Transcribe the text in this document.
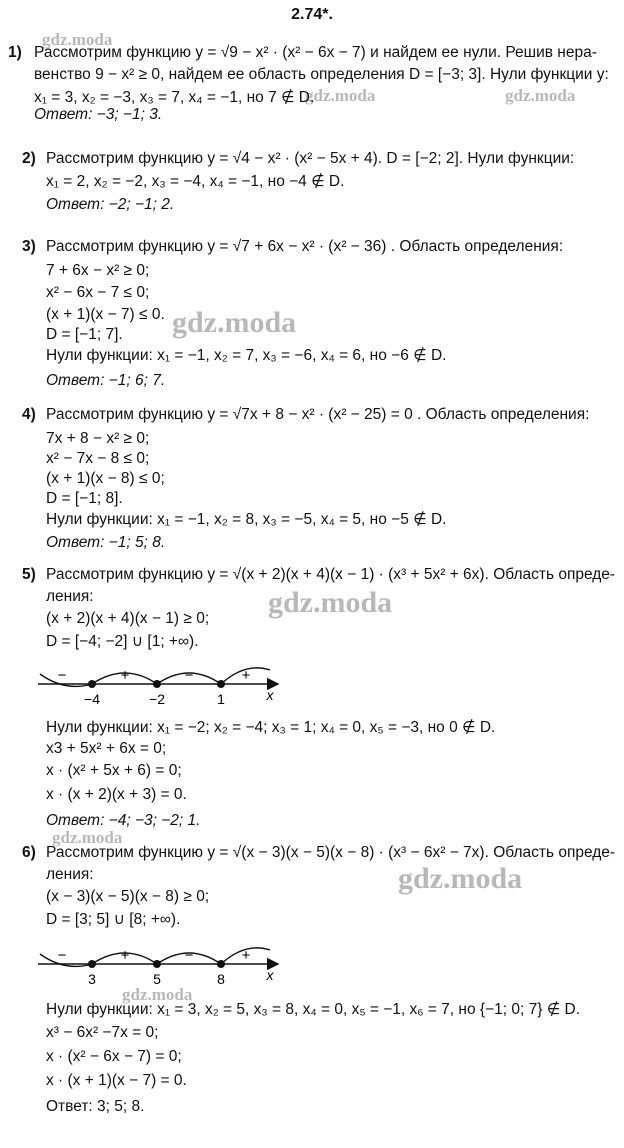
2.74*.
gdz.moda
gdz.moda	gdz.moda
gdz.moda
gdz.moda
gdz.moda
gdz.moda
gdz.moda
1) Рассмотрим функцию y = √9 − x² · (x² − 6x − 7) и найдем ее нули. Решив нера-
венство 9 − x² ≥ 0, найдем ее область определения D = [−3; 3]. Нули функции y:
x₁ = 3, x₂ = −3, x₃ = 7, x₄ = −1, но 7 ∉ D.
Ответ: −3; −1; 3.
2) Рассмотрим функцию y = √4 − x² · (x² − 5x + 4). D = [−2; 2]. Нули функции:
x₁ = 2, x₂ = −2, x₃ = −4, x₄ = −1, но −4 ∉ D.
Ответ: −2; −1; 2.
3) Рассмотрим функцию y = √7 + 6x − x² · (x² − 36) . Область определения:
7 + 6x − x² ≥ 0;
x² − 6x − 7 ≤ 0;
(x + 1)(x − 7) ≤ 0.
D = [−1; 7].
Нули функции: x₁ = −1, x₂ = 7, x₃ = −6, x₄ = 6, но −6 ∉ D.
Ответ: −1; 6; 7.
4) Рассмотрим функцию y = √7x + 8 − x² · (x² − 25) = 0 . Область определения:
7x + 8 − x² ≥ 0;
x² − 7x − 8 ≤ 0;
(x + 1)(x − 8) ≤ 0;
D = [−1; 8].
Нули функции: x₁ = −1, x₂ = 8, x₃ = −5, x₄ = 5, но −5 ∉ D.
Ответ: −1; 5; 8.
5) Рассмотрим функцию y = √(x + 2)(x + 4)(x − 1) · (x³ + 5x² + 6x). Область опреде-
ления:
(x + 2)(x + 4)(x − 1) ≥ 0;
D = [−4; −2] ∪ [1; +∞).
−	+	−	+
−4	−2	1	x
Нули функции: x₁ = −2; x₂ = −4; x₃ = 1; x₄ = 0, x₅ = −3, но 0 ∉ D.
x3 + 5x² + 6x = 0;
x · (x² + 5x + 6) = 0;
x · (x + 2)(x + 3) = 0.
Ответ: −4; −3; −2; 1.
6) Рассмотрим функцию y = √(x − 3)(x − 5)(x − 8) · (x³ − 6x² − 7x). Область опреде-
ления:
(x − 3)(x − 5)(x − 8) ≥ 0;
D = [3; 5] ∪ [8; +∞).
−	+	−	+
3	5	8	x
Нули функции: x₁ = 3, x₂ = 5, x₃ = 8, x₄ = 0, x₅ = −1, x₆ = 7, но {−1; 0; 7} ∉ D.
x³ − 6x² −7x = 0;
x · (x² − 6x − 7) = 0;
x · (x + 1)(x − 7) = 0.
Ответ: 3; 5; 8.
